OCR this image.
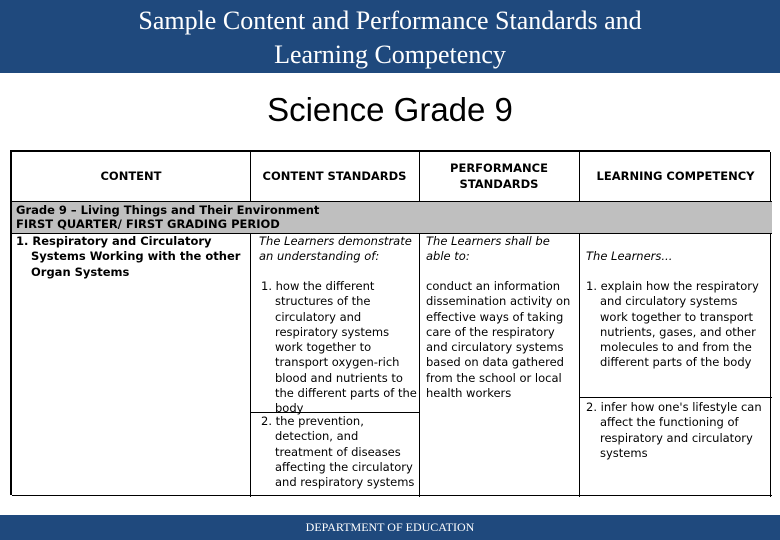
Sample Content and Performance Standards and
Learning Competency
Science Grade 9
CONTENT	CONTENT STANDARDS
PERFORMANCE STANDARDS
LEARNING COMPETENCY
Grade 9 – Living Things and Their Environment
FIRST QUARTER/ FIRST GRADING PERIOD
1. Respiratory and Circulatory Systems Working with the other Organ Systems
The Learners demonstrate an understanding of:
1. how the different structures of the circulatory and respiratory systems work together to transport oxygen-rich blood and nutrients to the different parts of the body
2. the prevention, detection, and treatment of diseases affecting the circulatory and respiratory systems
The Learners shall be able to:
conduct an information dissemination activity on effective ways of taking care of the respiratory and circulatory systems based on data gathered from the school or local health workers
The Learners...
1. explain how the respiratory and circulatory systems work together to transport nutrients, gases, and other molecules to and from the different parts of the body
2. infer how one's lifestyle can affect the functioning of respiratory and circulatory systems
DEPARTMENT OF EDUCATION
